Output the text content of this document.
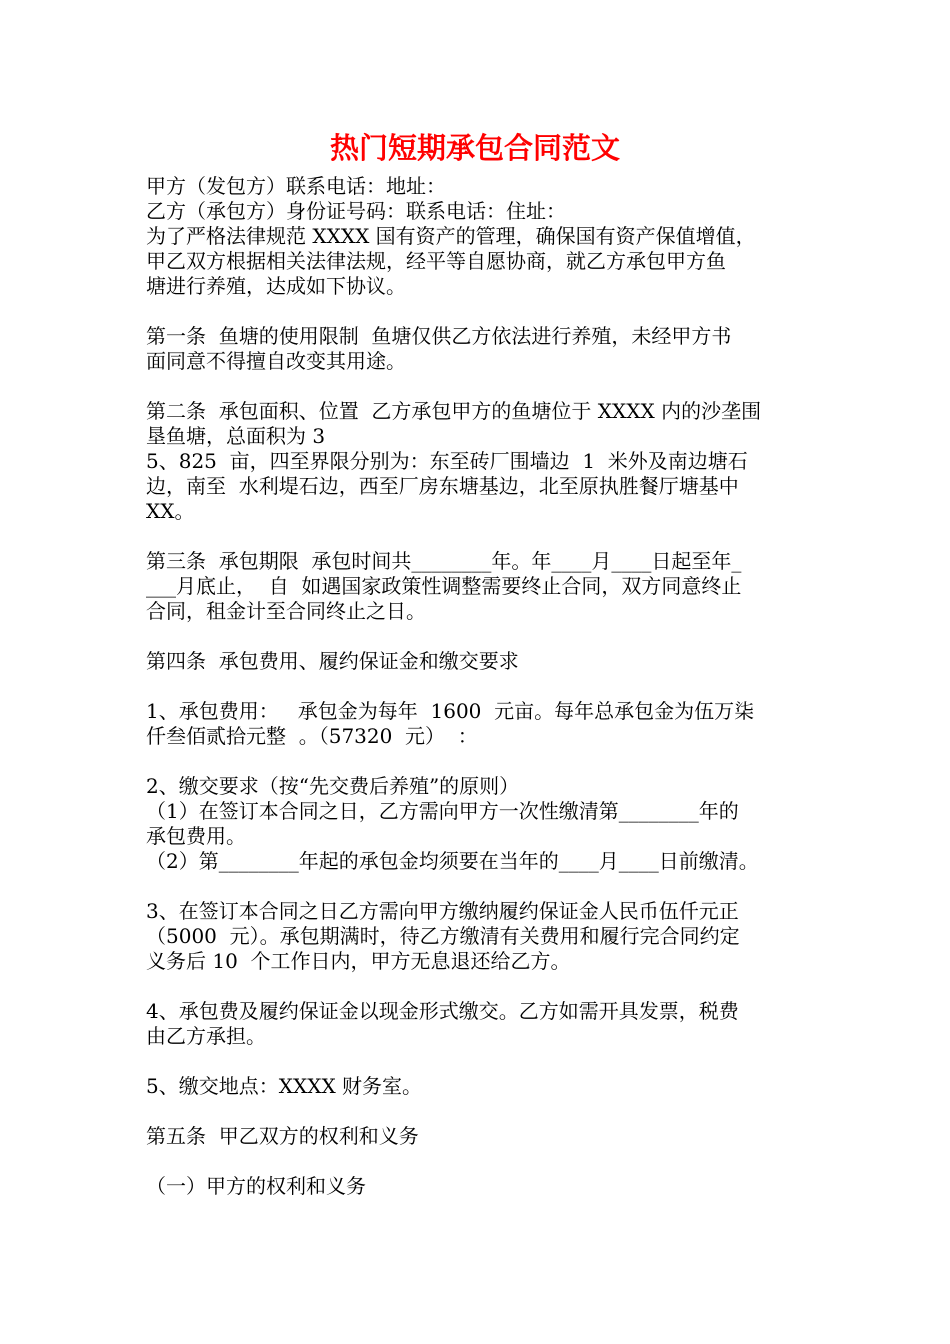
热门短期承包合同范文
甲方（发包方）联系电话：地址：
乙方（承包方）身份证号码：联系电话：住址：
为了严格法律规范 XXXX 国有资产的管理，确保国有资产保值增值，
甲乙双方根据相关法律法规，经平等自愿协商，就乙方承包甲方鱼
塘进行养殖，达成如下协议。
第一条  鱼塘的使用限制  鱼塘仅供乙方依法进行养殖，未经甲方书
面同意不得擅自改变其用途。
第二条  承包面积、位置  乙方承包甲方的鱼塘位于 XXXX 内的沙垄围
垦鱼塘，总面积为 3
5、825  亩，四至界限分别为：东至砖厂围墙边  1  米外及南边塘石
边，南至  水利堤石边，西至厂房东塘基边，北至原执胜餐厅塘基中
XX。
第三条  承包期限  承包时间共________年。年____月____日起至年_
___月底止，  自  如遇国家政策性调整需要终止合同，双方同意终止
合同，租金计至合同终止之日。
第四条  承包费用、履约保证金和缴交要求
1、承包费用：   承包金为每年  1600  元亩。每年总承包金为伍万柒
仟叁佰贰拾元整  。（57320  元）  ：
2、缴交要求（按“先交费后养殖”的原则）
（1）在签订本合同之日，乙方需向甲方一次性缴清第________年的
承包费用。
（2）第________年起的承包金均须要在当年的____月____日前缴清。
3、在签订本合同之日乙方需向甲方缴纳履约保证金人民币伍仟元正
（5000  元）。承包期满时，待乙方缴清有关费用和履行完合同约定
义务后 10  个工作日内，甲方无息退还给乙方。
4、承包费及履约保证金以现金形式缴交。乙方如需开具发票，税费
由乙方承担。
5、缴交地点：XXXX 财务室。
第五条  甲乙双方的权利和义务
（一）甲方的权利和义务
